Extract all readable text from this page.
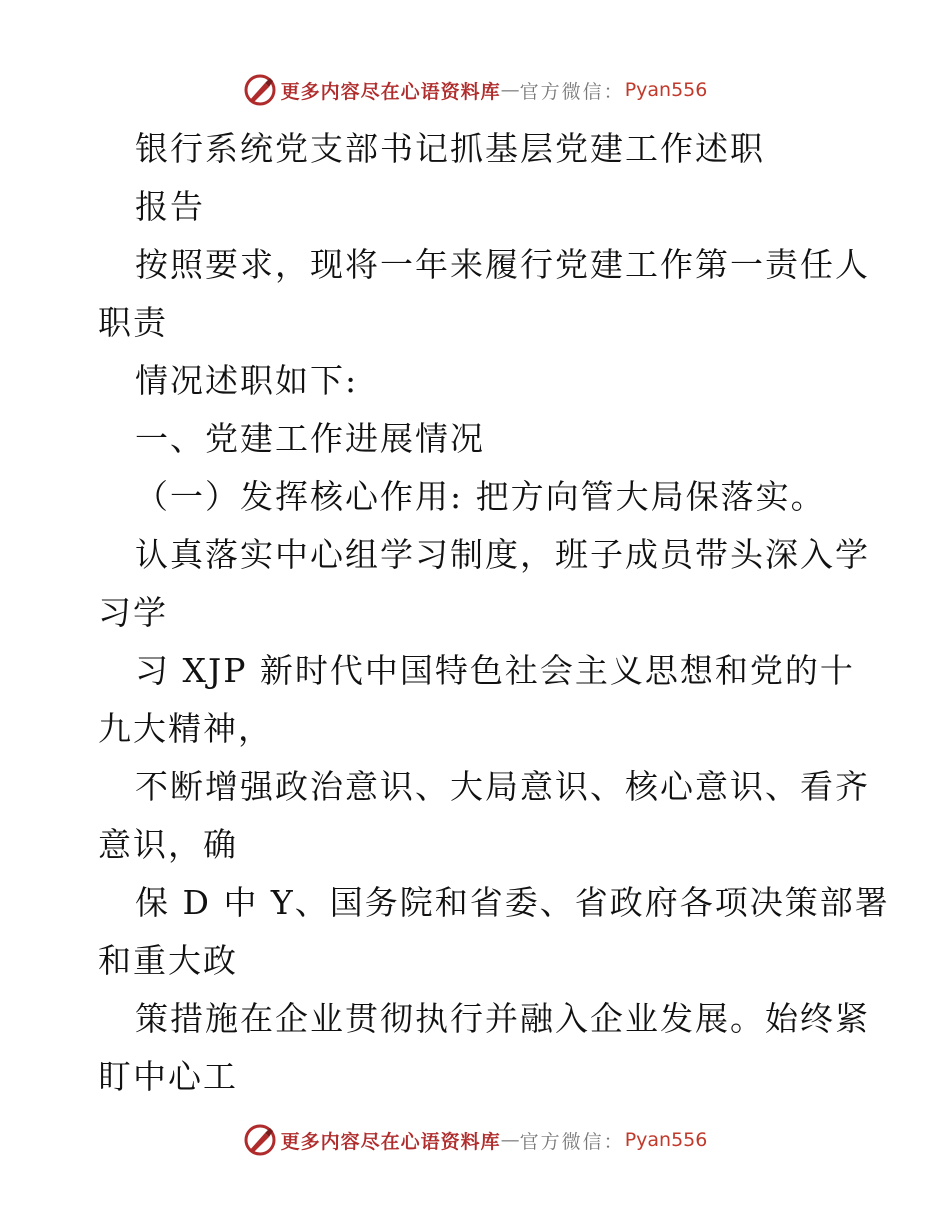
更多内容尽在心语资料库 — 官方微信： Pyan556
银行系统党支部书记抓基层党建工作述职
报告
按照要求，现将一年来履行党建工作第一责任人
职责
情况述职如下:
一、党建工作进展情况
（一）发挥核心作用: 把方向管大局保落实。
认真落实中心组学习制度，班子成员带头深入学
习学
习 XJP 新时代中国特色社会主义思想和党的十
九大精神，
不断增强政治意识、大局意识、核心意识、看齐
意识，确
保 D 中 Y、国务院和省委、省政府各项决策部署
和重大政
策措施在企业贯彻执行并融入企业发展。始终紧
盯中心工
更多内容尽在心语资料库 — 官方微信： Pyan556
